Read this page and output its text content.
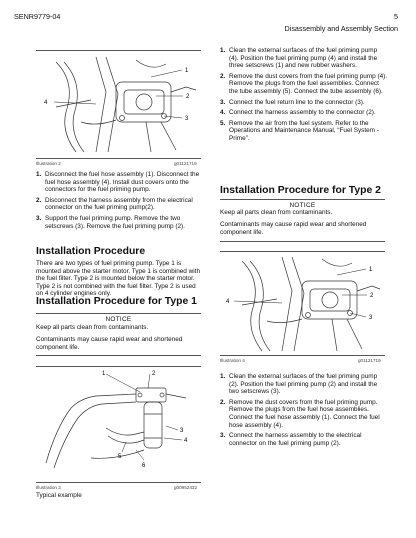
SENR9779-04	5
Disassembly and Assembly Section
1
2
3
4
Illustration 2	g01121719
1. Disconnect the fuel hose assembly (1). Disconnect the fuel hose assembly (4). Install dust covers onto the connectors for the fuel priming pump.
2. Disconnect the harness assembly from the electrical connector on the fuel priming pump(2).
3. Support the fuel priming pump. Remove the two setscrews (3). Remove the fuel priming pump (2).
Installation Procedure
There are two types of fuel priming pump. Type 1 is mounted above the starter motor. Type 1 is combined with the fuel filter. Type 2 is mounted below the starter motor. Type 2 is not combined with the fuel filter. Type 2 is used on 4 cylinder engines only.
Installation Procedure for Type 1
NOTICE
Keep all parts clean from contaminants.
Contaminants may cause rapid wear and shortened component life.
1	2
3
4
5
6
Illustration 3	g00952432
Typical example
1. Clean the external surfaces of the fuel priming pump (4). Position the fuel priming pump (4) and install the three setscrews (1) and new rubber washers.
2. Remove the dust covers from the fuel priming pump (4). Remove the plugs from the fuel assemblies. Connect the tube assembly (5). Connect the tube assembly (6).
3. Connect the fuel return line to the connector (3).
4. Connect the harness assembly to the connector (2).
5. Remove the air from the fuel system. Refer to the Operations and Maintenance Manual, “Fuel System - Prime”.
Installation Procedure for Type 2
NOTICE
Keep all parts clean from contaminants.
Contaminants may cause rapid wear and shortened component life.
1
2
3
4
Illustration 4	g01121719
1. Clean the external surfaces of the fuel priming pump (2). Position the fuel priming pump (2) and install the two setscrews (3).
2. Remove the dust covers from the fuel priming pump. Remove the plugs from the fuel hose assemblies. Connect the fuel hose assembly (1). Connect the fuel hose assembly (4).
3. Connect the harness assembly to the electrical connector on the fuel priming pump (2).
